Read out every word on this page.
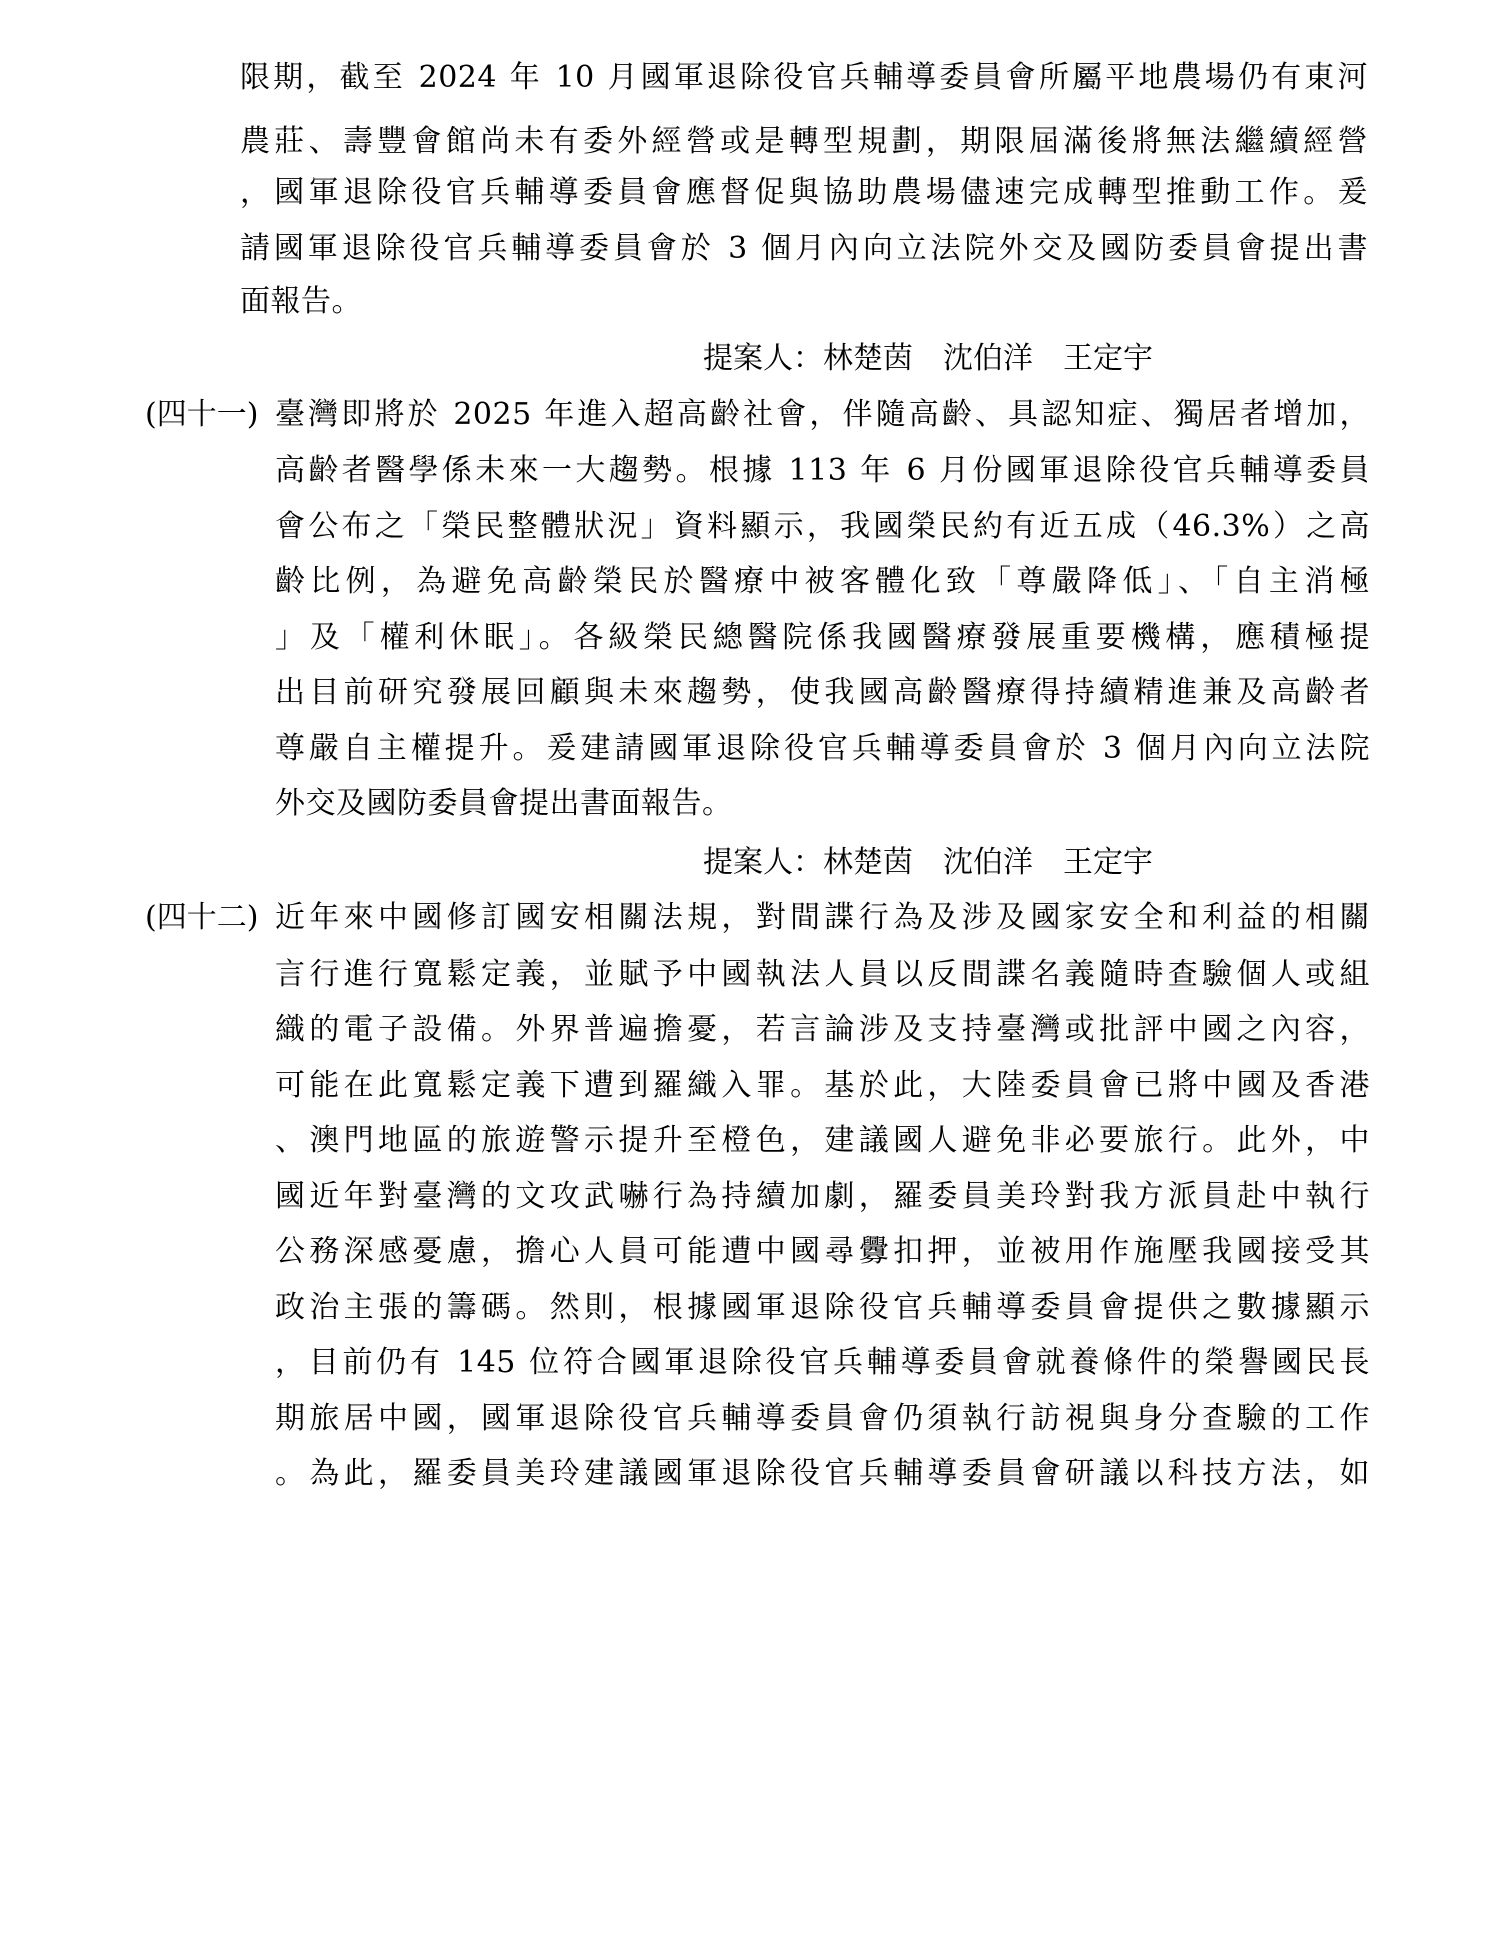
限期，截至 2024 年 10 月國軍退除役官兵輔導委員會所屬平地農場仍有東河
農莊、壽豐會館尚未有委外經營或是轉型規劃，期限屆滿後將無法繼續經營
，國軍退除役官兵輔導委員會應督促與協助農場儘速完成轉型推動工作。爰
請國軍退除役官兵輔導委員會於 3 個月內向立法院外交及國防委員會提出書
面報告。
提案人：林楚茵　沈伯洋　王定宇
(四十一) 臺灣即將於 2025 年進入超高齡社會，伴隨高齡、具認知症、獨居者增加，
高齡者醫學係未來一大趨勢。根據 113 年 6 月份國軍退除役官兵輔導委員
會公布之「榮民整體狀況」資料顯示，我國榮民約有近五成（46.3%）之高
齡比例，為避免高齡榮民於醫療中被客體化致「尊嚴降低」、「自主消極
」及「權利休眠」。各級榮民總醫院係我國醫療發展重要機構，應積極提
出目前研究發展回顧與未來趨勢，使我國高齡醫療得持續精進兼及高齡者
尊嚴自主權提升。爰建請國軍退除役官兵輔導委員會於 3 個月內向立法院
外交及國防委員會提出書面報告。
提案人：林楚茵　沈伯洋　王定宇
(四十二) 近年來中國修訂國安相關法規，對間諜行為及涉及國家安全和利益的相關
言行進行寬鬆定義，並賦予中國執法人員以反間諜名義隨時查驗個人或組
織的電子設備。外界普遍擔憂，若言論涉及支持臺灣或批評中國之內容，
可能在此寬鬆定義下遭到羅織入罪。基於此，大陸委員會已將中國及香港
、澳門地區的旅遊警示提升至橙色，建議國人避免非必要旅行。此外，中
國近年對臺灣的文攻武嚇行為持續加劇，羅委員美玲對我方派員赴中執行
公務深感憂慮，擔心人員可能遭中國尋釁扣押，並被用作施壓我國接受其
政治主張的籌碼。然則，根據國軍退除役官兵輔導委員會提供之數據顯示
，目前仍有 145 位符合國軍退除役官兵輔導委員會就養條件的榮譽國民長
期旅居中國，國軍退除役官兵輔導委員會仍須執行訪視與身分查驗的工作
。為此，羅委員美玲建議國軍退除役官兵輔導委員會研議以科技方法，如
